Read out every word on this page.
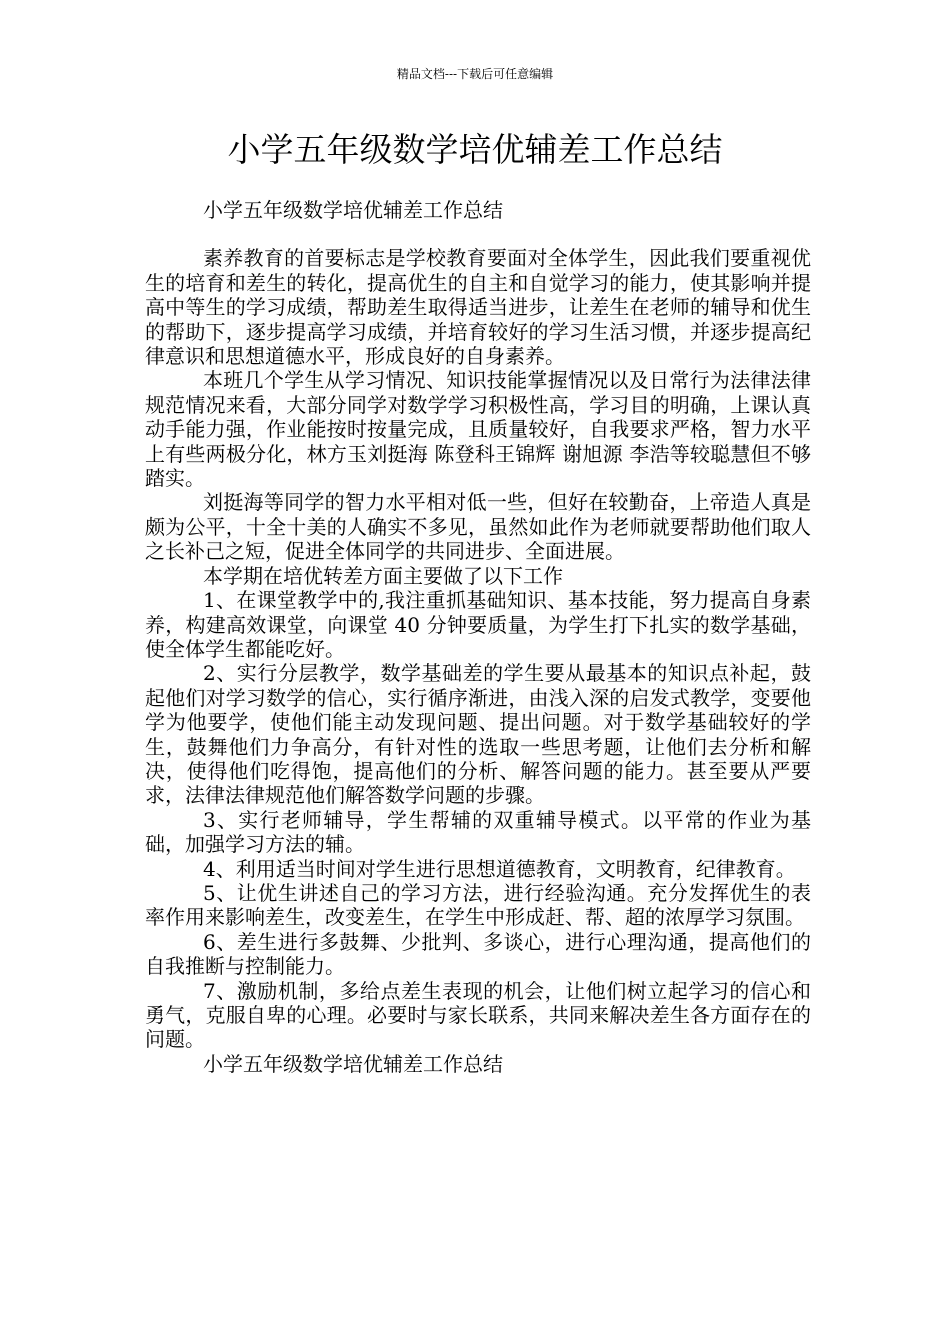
精品文档---下载后可任意编辑
小学五年级数学培优辅差工作总结

小学五年级数学培优辅差工作总结

素养教育的首要标志是学校教育要面对全体学生，因此我们要重视优生的培育和差生的转化，提高优生的自主和自觉学习的能力，使其影响并提高中等生的学习成绩，帮助差生取得适当进步，让差生在老师的辅导和优生的帮助下，逐步提高学习成绩，并培育较好的学习生活习惯，并逐步提高纪律意识和思想道德水平，形成良好的自身素养。

本班几个学生从学习情况、知识技能掌握情况以及日常行为法律法律规范情况来看，大部分同学对数学学习积极性高，学习目的明确，上课认真动手能力强，作业能按时按量完成，且质量较好，自我要求严格，智力水平上有些两极分化，林方玉刘挺海 陈登科王锦辉 谢旭源 李浩等较聪慧但不够踏实。

刘挺海等同学的智力水平相对低一些，但好在较勤奋，上帝造人真是颇为公平，十全十美的人确实不多见，虽然如此作为老师就要帮助他们取人之长补己之短，促进全体同学的共同进步、全面进展。

本学期在培优转差方面主要做了以下工作

1、在课堂教学中的,我注重抓基础知识、基本技能，努力提高自身素养，构建高效课堂，向课堂 40 分钟要质量，为学生打下扎实的数学基础，使全体学生都能吃好。

2、实行分层教学，数学基础差的学生要从最基本的知识点补起，鼓起他们对学习数学的信心，实行循序渐进，由浅入深的启发式教学，变要他学为他要学，使他们能主动发现问题、提出问题。对于数学基础较好的学生，鼓舞他们力争高分，有针对性的选取一些思考题，让他们去分析和解决，使得他们吃得饱，提高他们的分析、解答问题的能力。甚至要从严要求，法律法律规范他们解答数学问题的步骤。

3、实行老师辅导，学生帮辅的双重辅导模式。以平常的作业为基础，加强学习方法的辅。

4、利用适当时间对学生进行思想道德教育，文明教育，纪律教育。

5、让优生讲述自己的学习方法，进行经验沟通。充分发挥优生的表率作用来影响差生，改变差生，在学生中形成赶、帮、超的浓厚学习氛围。

6、差生进行多鼓舞、少批判、多谈心，进行心理沟通，提高他们的自我推断与控制能力。

7、激励机制，多给点差生表现的机会，让他们树立起学习的信心和勇气，克服自卑的心理。必要时与家长联系，共同来解决差生各方面存在的问题。

小学五年级数学培优辅差工作总结
